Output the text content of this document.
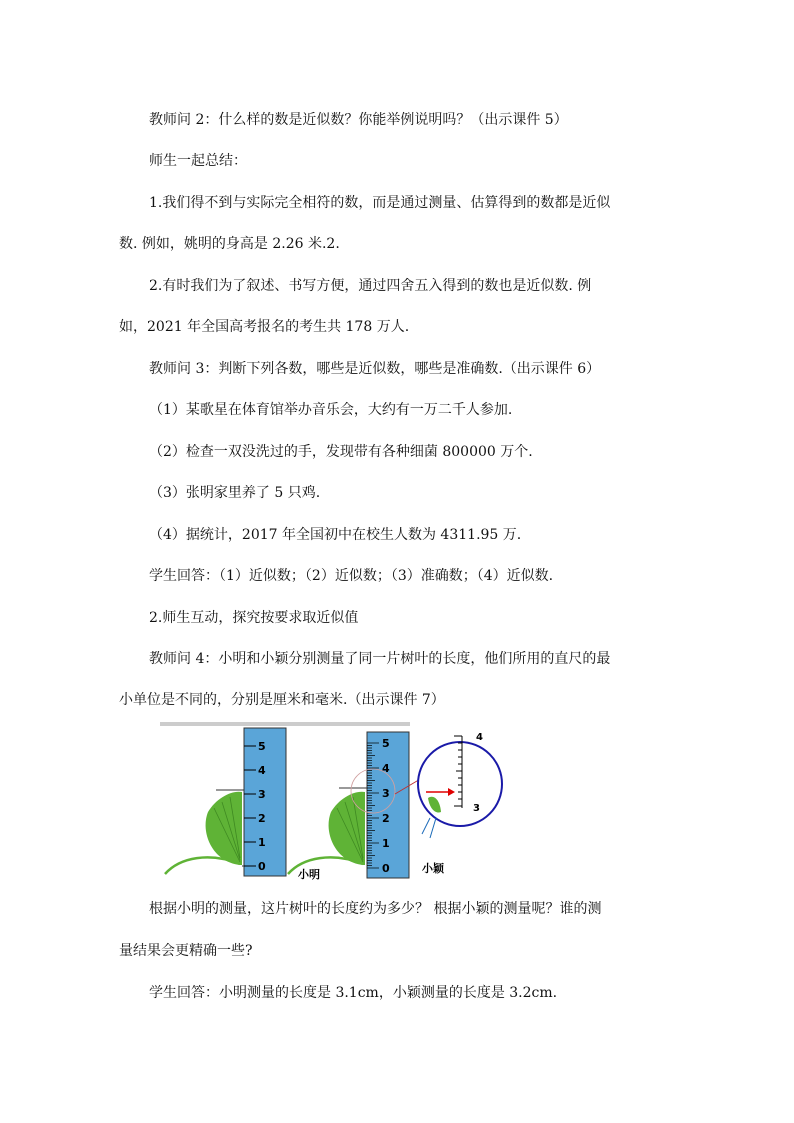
教师问 2：什么样的数是近似数？你能举例说明吗？（出示课件 5）
师生一起总结：
1.我们得不到与实际完全相符的数，而是通过测量、估算得到的数都是近似
数. 例如，姚明的身高是 2.26 米.2.
2.有时我们为了叙述、书写方便，通过四舍五入得到的数也是近似数. 例
如，2021 年全国高考报名的考生共 178 万人.
教师问 3：判断下列各数，哪些是近似数，哪些是准确数.（出示课件 6）
（1）某歌星在体育馆举办音乐会，大约有一万二千人参加.
（2）检查一双没洗过的手，发现带有各种细菌 800000 万个.
（3）张明家里养了 5 只鸡.
（4）据统计，2017 年全国初中在校生人数为 4311.95 万.
学生回答：（1）近似数；（2）近似数；（3）准确数；（4）近似数.
2.师生互动，探究按要求取近似值
教师问 4：小明和小颖分别测量了同一片树叶的长度，他们所用的直尺的最
小单位是不同的，分别是厘米和毫米.（出示课件 7）
0
1
2
3
4
5
小明	0
1
2
3
4
5
小颖
4
3
根据小明的测量，这片树叶的长度约为多少？ 根据小颖的测量呢？谁的测
量结果会更精确一些?
学生回答：小明测量的长度是 3.1cm，小颖测量的长度是 3.2cm.
